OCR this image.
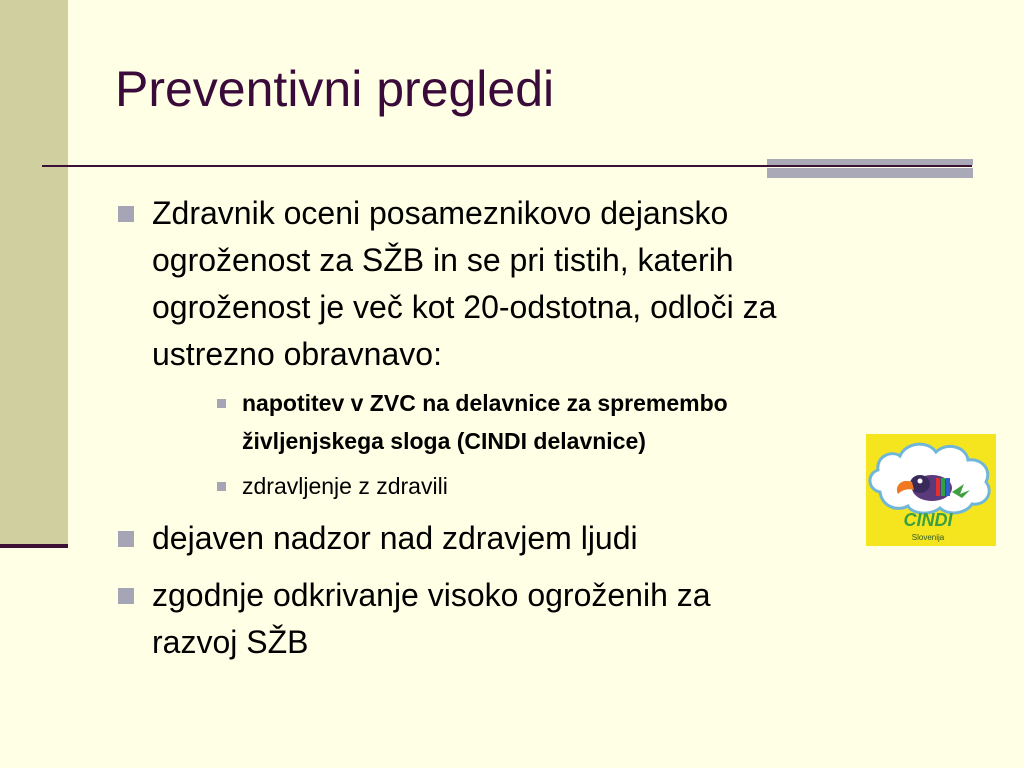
Preventivni pregledi
Zdravnik oceni posameznikovo dejansko
ogroženost za SŽB in se pri tistih, katerih
ogroženost je več kot 20-odstotna, odloči za
ustrezno obravnavo:
napotitev v ZVC na delavnice za spremembo
življenjskega sloga (CINDI delavnice)
zdravljenje z zdravili
dejaven nadzor nad zdravjem ljudi
zgodnje odkrivanje visoko ogroženih za
razvoj SŽB
CINDI
Slovenija
